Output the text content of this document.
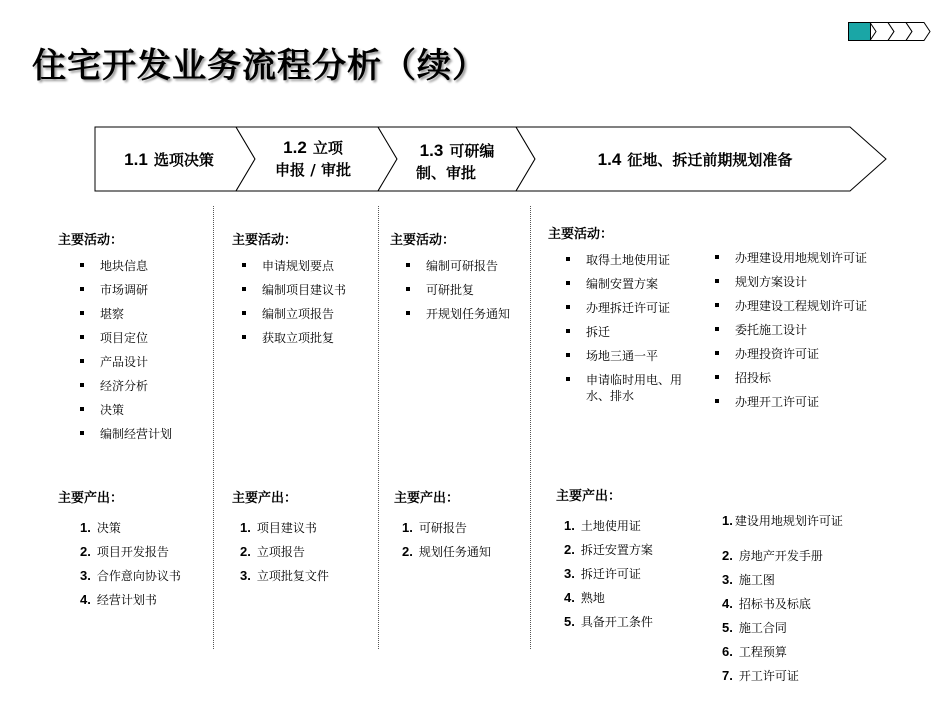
住宅开发业务流程分析（续）
1.1 选项决策
1.2 立项
申报 / 审批
1.3 可研编
制、审批
1.4 征地、拆迁前期规划准备
主要活动：
地块信息
市场调研
堪察
项目定位
产品设计
经济分析
决策
编制经营计划
主要产出：
1. 决策
2. 项目开发报告
3. 合作意向协议书
4. 经营计划书
主要活动：
申请规划要点
编制项目建议书
编制立项报告
获取立项批复
主要产出：
1. 项目建议书
2. 立项报告
3. 立项批复文件
主要活动：
编制可研报告
可研批复
开规划任务通知
主要产出：
1. 可研报告
2. 规划任务通知
主要活动：
取得土地使用证
编制安置方案
办理拆迁许可证
拆迁
场地三通一平
申请临时用电、用水、排水
办理建设用地规划许可证
规划方案设计
办理建设工程规划许可证
委托施工设计
办理投资许可证
招投标
办理开工许可证
主要产出：
1. 土地使用证
2. 拆迁安置方案
3. 拆迁许可证
4. 熟地
5. 具备开工条件
1. 建设用地规划许可证
2. 房地产开发手册
3. 施工图
4. 招标书及标底
5. 施工合同
6. 工程预算
7. 开工许可证
